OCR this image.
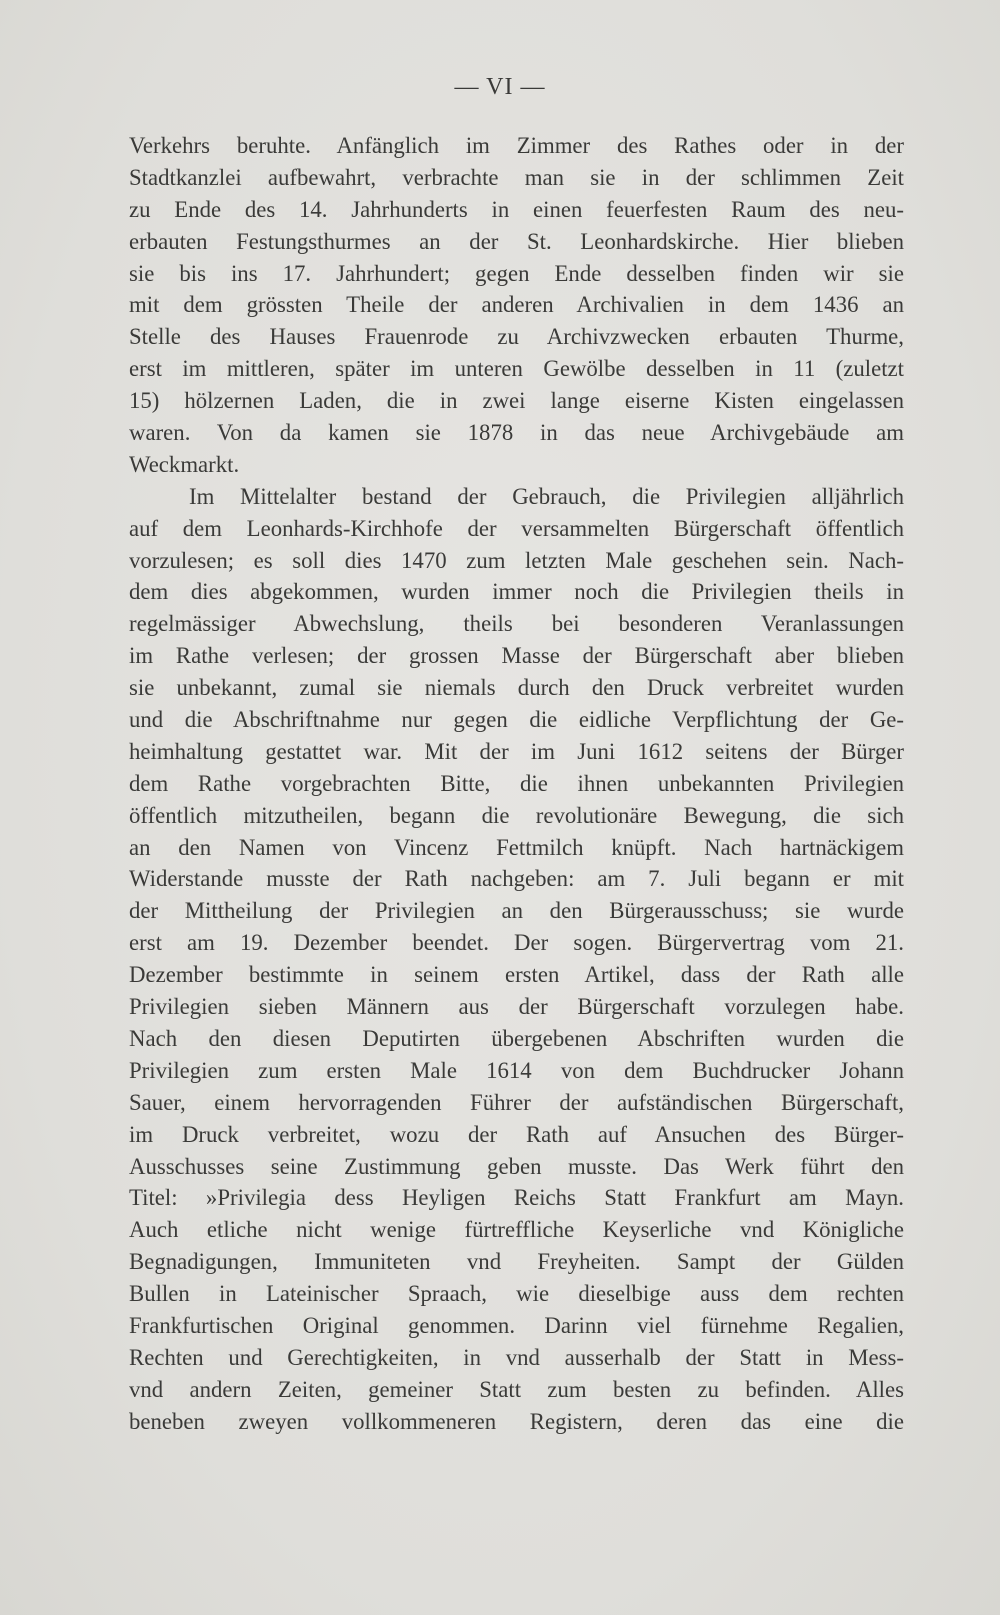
— VI —
Verkehrs beruhte. Anfänglich im Zimmer des Rathes oder in der
Stadtkanzlei aufbewahrt, verbrachte man sie in der schlimmen Zeit
zu Ende des 14. Jahrhunderts in einen feuerfesten Raum des neu-
erbauten Festungsthurmes an der St. Leonhardskirche. Hier blieben
sie bis ins 17. Jahrhundert; gegen Ende desselben finden wir sie
mit dem grössten Theile der anderen Archivalien in dem 1436 an
Stelle des Hauses Frauenrode zu Archivzwecken erbauten Thurme,
erst im mittleren, später im unteren Gewölbe desselben in 11 (zuletzt
15) hölzernen Laden, die in zwei lange eiserne Kisten eingelassen
waren. Von da kamen sie 1878 in das neue Archivgebäude am
Weckmarkt.
Im Mittelalter bestand der Gebrauch, die Privilegien alljährlich
auf dem Leonhards-Kirchhofe der versammelten Bürgerschaft öffentlich
vorzulesen; es soll dies 1470 zum letzten Male geschehen sein. Nach-
dem dies abgekommen, wurden immer noch die Privilegien theils in
regelmässiger Abwechslung, theils bei besonderen Veranlassungen
im Rathe verlesen; der grossen Masse der Bürgerschaft aber blieben
sie unbekannt, zumal sie niemals durch den Druck verbreitet wurden
und die Abschriftnahme nur gegen die eidliche Verpflichtung der Ge-
heimhaltung gestattet war. Mit der im Juni 1612 seitens der Bürger
dem Rathe vorgebrachten Bitte, die ihnen unbekannten Privilegien
öffentlich mitzutheilen, begann die revolutionäre Bewegung, die sich
an den Namen von Vincenz Fettmilch knüpft. Nach hartnäckigem
Widerstande musste der Rath nachgeben: am 7. Juli begann er mit
der Mittheilung der Privilegien an den Bürgerausschuss; sie wurde
erst am 19. Dezember beendet. Der sogen. Bürgervertrag vom 21.
Dezember bestimmte in seinem ersten Artikel, dass der Rath alle
Privilegien sieben Männern aus der Bürgerschaft vorzulegen habe.
Nach den diesen Deputirten übergebenen Abschriften wurden die
Privilegien zum ersten Male 1614 von dem Buchdrucker Johann
Sauer, einem hervorragenden Führer der aufständischen Bürgerschaft,
im Druck verbreitet, wozu der Rath auf Ansuchen des Bürger-
Ausschusses seine Zustimmung geben musste. Das Werk führt den
Titel: »Privilegia dess Heyligen Reichs Statt Frankfurt am Mayn.
Auch etliche nicht wenige fürtreffliche Keyserliche vnd Königliche
Begnadigungen, Immuniteten vnd Freyheiten. Sampt der Gülden
Bullen in Lateinischer Spraach, wie dieselbige auss dem rechten
Frankfurtischen Original genommen. Darinn viel fürnehme Regalien,
Rechten und Gerechtigkeiten, in vnd ausserhalb der Statt in Mess-
vnd andern Zeiten, gemeiner Statt zum besten zu befinden. Alles
beneben zweyen vollkommeneren Registern, deren das eine die
